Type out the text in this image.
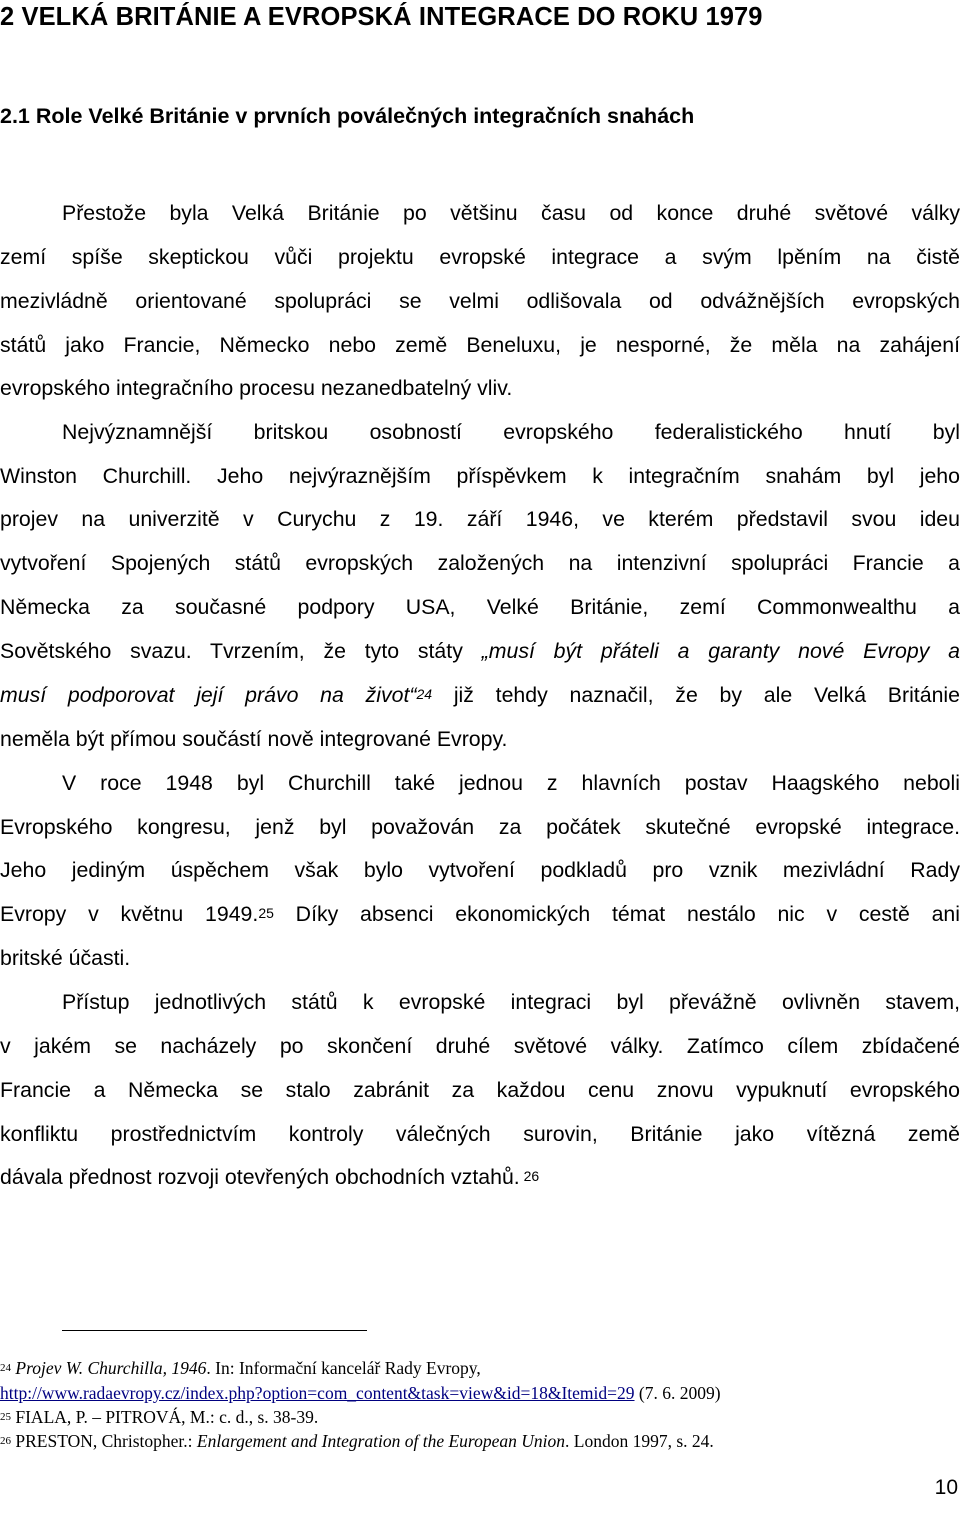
2 VELKÁ BRITÁNIE A EVROPSKÁ INTEGRACE DO ROKU 1979
2.1 Role Velké Británie v prvních poválečných integračních snahách
Přestože byla Velká Británie po většinu času od konce druhé světové války
zemí spíše skeptickou vůči projektu evropské integrace a svým lpěním na čistě
mezivládně orientované spolupráci se velmi odlišovala od odvážnějších evropských
států jako Francie, Německo nebo země Beneluxu, je nesporné, že měla na zahájení
evropského integračního procesu nezanedbatelný vliv.
Nejvýznamnější britskou osobností evropského federalistického hnutí byl
Winston Churchill. Jeho nejvýraznějším příspěvkem k integračním snahám byl jeho
projev na univerzitě v Curychu z 19. září 1946, ve kterém představil svou ideu
vytvoření Spojených států evropských založených na intenzivní spolupráci Francie a
Německa za současné podpory USA, Velké Británie, zemí Commonwealthu a
Sovětského svazu. Tvrzením, že tyto státy „musí být přáteli a garanty nové Evropy a
musí podporovat její právo na život“$^{24}$ již tehdy naznačil, že by ale Velká Británie
neměla být přímou součástí nově integrované Evropy.
V roce 1948 byl Churchill také jednou z hlavních postav Haagského neboli
Evropského kongresu, jenž byl považován za počátek skutečné evropské integrace.
Jeho jediným úspěchem však bylo vytvoření podkladů pro vznik mezivládní Rady
Evropy v květnu 1949.25 Díky absenci ekonomických témat nestálo nic v cestě ani
britské účasti.
Přístup jednotlivých států k evropské integraci byl převážně ovlivněn stavem,
v jakém se nacházely po skončení druhé světové války. Zatímco cílem zbídačené
Francie a Německa se stalo zabránit za každou cenu znovu vypuknutí evropského
konfliktu prostřednictvím kontroly válečných surovin, Británie jako vítězná země
dávala přednost rozvoji otevřených obchodních vztahů. $^{26}$
$^{24}$ Projev W. Churchilla, 1946. In: Informační kancelář Rady Evropy,
http://www.radaevropy.cz/index.php?option=com_content&task=view&id=18&Itemid=29 (7. 6. 2009)
$^{25}$ FIALA, P. – PITROVÁ, M.: c. d., s. 38-39.
$^{26}$ PRESTON, Christopher.: Enlargement and Integration of the European Union. London 1997, s. 24.
10
